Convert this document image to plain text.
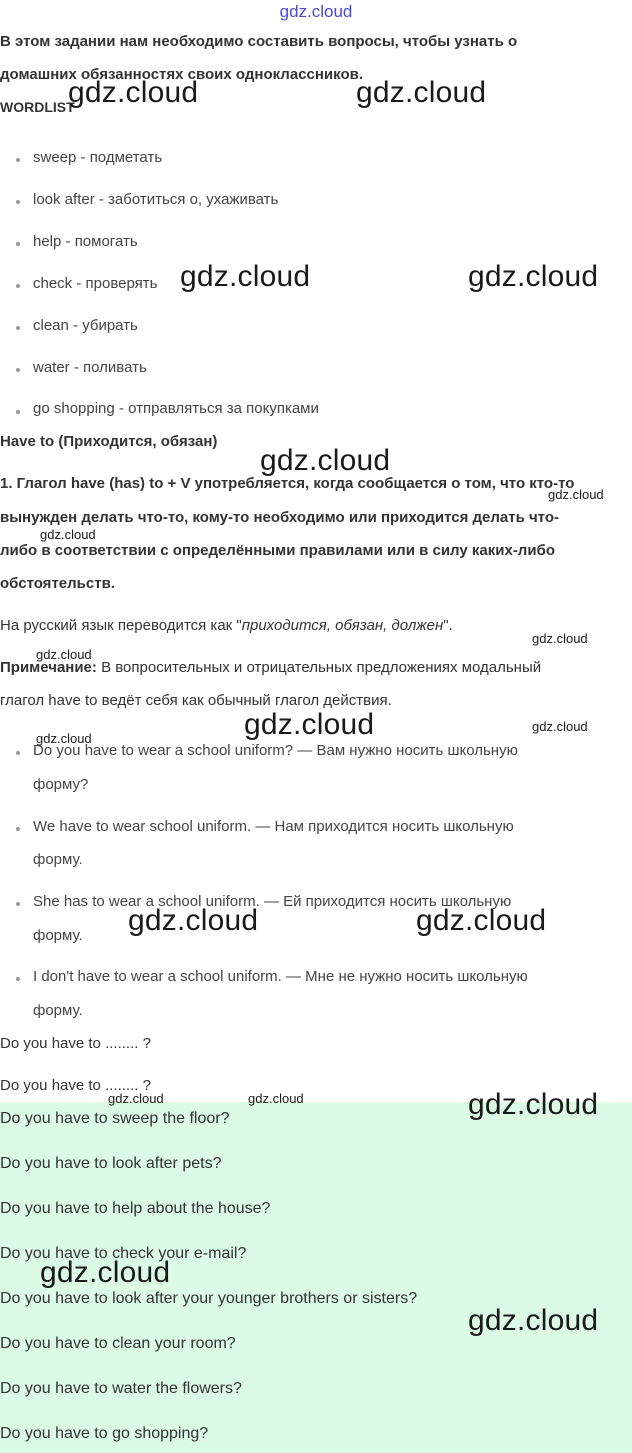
gdz.cloud
В этом задании нам необходимо составить вопросы, чтобы узнать о
домашних обязанностях своих одноклассников.
WORDLIST
sweep - подметать
look after - заботиться о, ухаживать
help - помогать
check - проверять
clean - убирать
water - поливать
go shopping - отправляться за покупками
Have to (Приходится, обязан)
1. Глагол have (has) to + V употребляется, когда сообщается о том, что кто-то
вынужден делать что-то, кому-то необходимо или приходится делать что-
либо в соответствии с определёнными правилами или в силу каких-либо
обстоятельств.
На русский язык переводится как "приходится, обязан, должен".
Примечание: В вопросительных и отрицательных предложениях модальный
глагол have to ведёт себя как обычный глагол действия.
Do you have to wear a school uniform? — Вам нужно носить школьную
форму?
We have to wear school uniform. — Нам приходится носить школьную
форму.
She has to wear a school uniform. — Ей приходится носить школьную
форму.
I don't have to wear a school uniform. — Мне не нужно носить школьную
форму.
Do you have to ........ ?
Do you have to ........ ?
Do you have to sweep the floor?
Do you have to look after pets?
Do you have to help about the house?
Do you have to check your e-mail?
Do you have to look after your younger brothers or sisters?
Do you have to clean your room?
Do you have to water the flowers?
Do you have to go shopping?
gdz.cloud	gdz.cloud
gdz.cloud	gdz.cloud
gdz.cloud
gdz.cloud
gdz.cloud	gdz.cloud
gdz.cloud
gdz.cloud
gdz.cloud
gdz.cloud
gdz.cloud
gdz.cloud
gdz.cloud
gdz.cloud
gdz.cloud
gdz.cloud	gdz.cloud
